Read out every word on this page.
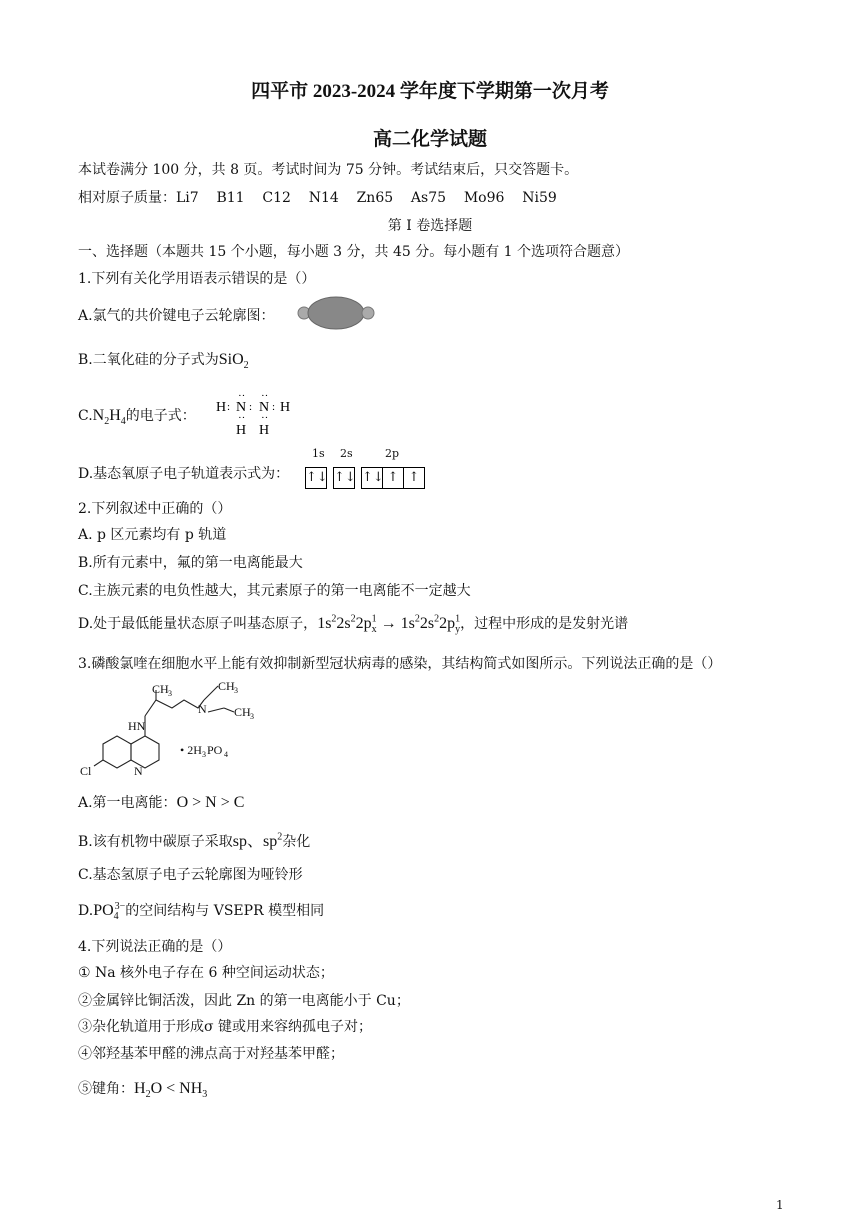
四平市 2023-2024 学年度下学期第一次月考
高二化学试题
本试卷满分 100 分，共 8 页。考试时间为 75 分钟。考试结束后，只交答题卡。
相对原子质量：Li7    B11    C12    N14    Zn65    As75    Mo96    Ni59
第 I 卷选择题
一、选择题（本题共 15 个小题，每小题 3 分，共 45 分。每小题有 1 个选项符合题意）
1.下列有关化学用语表示错误的是（）
A.氯气的共价键电子云轮廓图：
B.二氧化硅的分子式为SiO$_2$
$C.N_2H_4$的电子式：
H : N : N : H
·· ··
·· ··
H H
D.基态氧原子电子轨道表示式为：
1s 2s	2p
↑↓ ↑↓ ↑↓ ↑ ↑
2.下列叙述中正确的（）
A. p 区元素均有 p 轨道
B.所有元素中，氟的第一电离能最大
C.主族元素的电负性越大，其元素原子的第一电离能不一定越大
D.处于最低能量状态原子叫基态原子，$1s^22s^22p^1_x \to 1s^22s^22p^1_y$，过程中形成的是发射光谱
3.磷酸氯喹在细胞水平上能有效抑制新型冠状病毒的感染，其结构简式如图所示。下列说法正确的是（）
CH 3
N
CH 3
CH 3
HN
Cl	N
• 2H 3 PO 4
A.第一电离能：O > N > C
B.该有机物中碳原子采取sp、$sp^2$杂化
C.基态氢原子电子云轮廓图为哑铃形
$D.PO_4^{3-}$的空间结构与 VSEPR 模型相同
4.下列说法正确的是（）
① Na 核外电子存在 6 种空间运动状态；
②金属锌比铜活泼，因此 Zn 的第一电离能小于 Cu；
③杂化轨道用于形成σ 键或用来容纳孤电子对；
④邻羟基苯甲醛的沸点高于对羟基苯甲醛；
⑤键角：$H_2O < NH_3$
1
